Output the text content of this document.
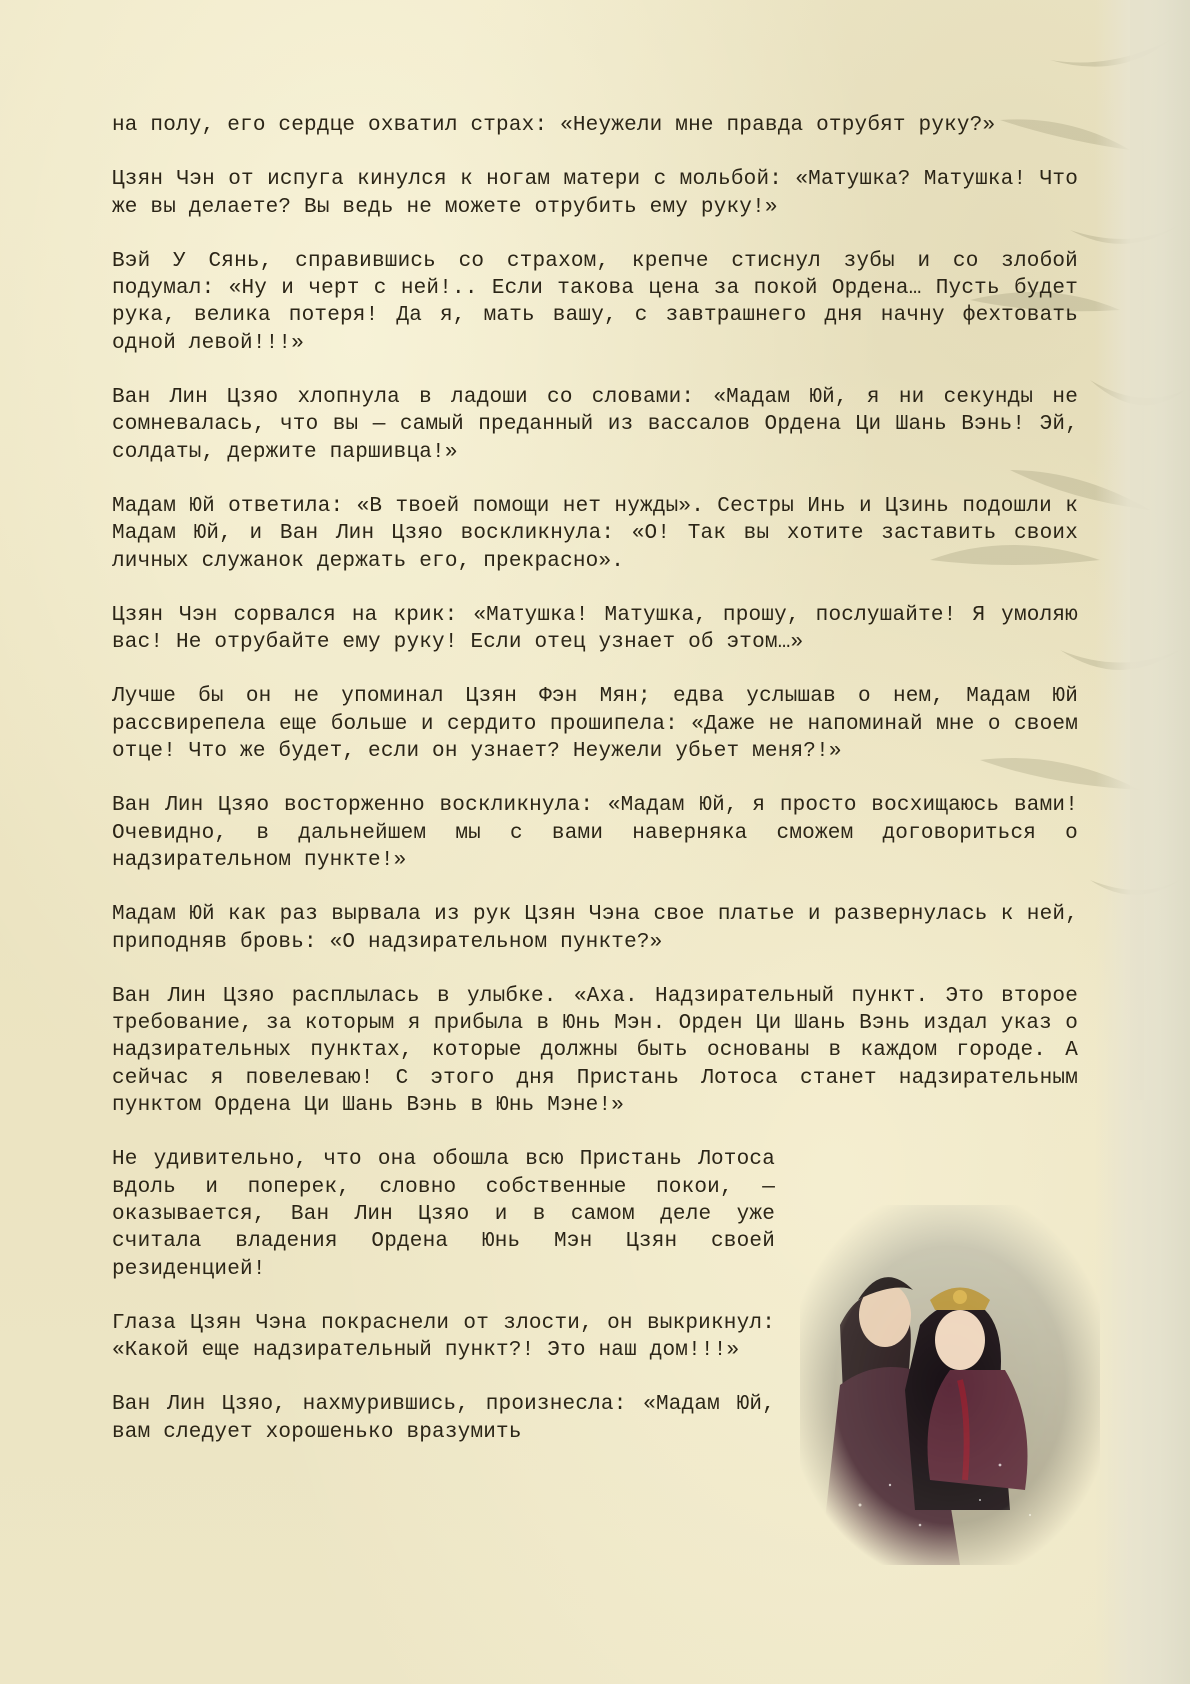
на полу, его сердце охватил страх: «Неужели мне правда отрубят руку?»

Цзян Чэн от испуга кинулся к ногам матери с мольбой: «Матушка? Матушка! Что же вы делаете? Вы ведь не можете отрубить ему руку!»

Вэй У Сянь, справившись со страхом, крепче стиснул зубы и со злобой подумал: «Ну и черт с ней!.. Если такова цена за покой Ордена… Пусть будет рука, велика потеря! Да я, мать вашу, с завтрашнего дня начну фехтовать одной левой!!!»

Ван Лин Цзяо хлопнула в ладоши со словами: «Мадам Юй, я ни секунды не сомневалась, что вы — самый преданный из вассалов Ордена Ци Шань Вэнь! Эй, солдаты, держите паршивца!»

Мадам Юй ответила: «В твоей помощи нет нужды». Сестры Инь и Цзинь подошли к Мадам Юй, и Ван Лин Цзяо воскликнула: «О! Так вы хотите заставить своих личных служанок держать его, прекрасно».

Цзян Чэн сорвался на крик: «Матушка! Матушка, прошу, послушайте! Я умоляю вас! Не отрубайте ему руку! Если отец узнает об этом…»

Лучше бы он не упоминал Цзян Фэн Мян; едва услышав о нем, Мадам Юй рассвирепела еще больше и сердито прошипела: «Даже не напоминай мне о своем отце! Что же будет, если он узнает? Неужели убьет меня?!»

Ван Лин Цзяо восторженно воскликнула: «Мадам Юй, я просто восхищаюсь вами! Очевидно, в дальнейшем мы с вами наверняка сможем договориться о надзирательном пункте!»

Мадам Юй как раз вырвала из рук Цзян Чэна свое платье и развернулась к ней, приподняв бровь: «О надзирательном пункте?»

Ван Лин Цзяо расплылась в улыбке. «Аха. Надзирательный пункт. Это второе требование, за которым я прибыла в Юнь Мэн. Орден Ци Шань Вэнь издал указ о надзирательных пунктах, которые должны быть основаны в каждом городе. А сейчас я повелеваю! С этого дня Пристань Лотоса станет надзирательным пунктом Ордена Ци Шань Вэнь в Юнь Мэне!»

Не удивительно, что она обошла всю Пристань Лотоса вдоль и поперек, словно собственные покои, — оказывается, Ван Лин Цзяо и в самом деле уже считала владения Ордена Юнь Мэн Цзян своей резиденцией!

Глаза Цзян Чэна покраснели от злости, он выкрикнул: «Какой еще надзирательный пункт?! Это наш дом!!!»

Ван Лин Цзяо, нахмурившись, произнесла: «Мадам Юй, вам следует хорошенько вразумить
